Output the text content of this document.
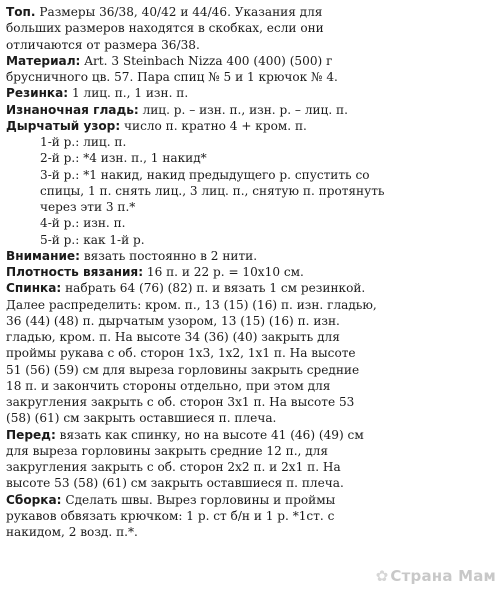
Топ. Размеры 36/38, 40/42 и 44/46. Указания для
больших размеров находятся в скобках, если они
отличаются от размера 36/38.
Материал: Art. 3 Steinbach Nizza 400 (400) (500) г
брусничного цв. 57. Пара спиц № 5 и 1 крючок № 4.
Резинка: 1 лиц. п., 1 изн. п.
Изнаночная гладь: лиц. р. – изн. п., изн. р. – лиц. п.
Дырчатый узор: число п. кратно 4 + кром. п.
1-й р.: лиц. п.
2-й р.: *4 изн. п., 1 накид*
3-й р.: *1 накид, накид предыдущего р. спустить со
спицы, 1 п. снять лиц., 3 лиц. п., снятую п. протянуть
через эти 3 п.*
4-й р.: изн. п.
5-й р.: как 1-й р.
Внимание: вязать постоянно в 2 нити.
Плотность вязания: 16 п. и 22 р. = 10x10 см.
Спинка: набрать 64 (76) (82) п. и вязать 1 см резинкой.
Далее распределить: кром. п., 13 (15) (16) п. изн. гладью,
36 (44) (48) п. дырчатым узором, 13 (15) (16) п. изн.
гладью, кром. п. На высоте 34 (36) (40) закрыть для
проймы рукава с об. сторон 1x3, 1x2, 1x1 п. На высоте
51 (56) (59) см для выреза горловины закрыть средние
18 п. и закончить стороны отдельно, при этом для
закругления закрыть с об. сторон 3x1 п. На высоте 53
(58) (61) см закрыть оставшиеся п. плеча.
Перед: вязать как спинку, но на высоте 41 (46) (49) см
для выреза горловины закрыть средние 12 п., для
закругления закрыть с об. сторон 2x2 п. и 2x1 п. На
высоте 53 (58) (61) см закрыть оставшиеся п. плеча.
Сборка: Сделать швы. Вырез горловины и проймы
рукавов обвязать крючком: 1 р. ст б/н и 1 р. *1ст. с
накидом, 2 возд. п.*.
✿ Страна Мам
